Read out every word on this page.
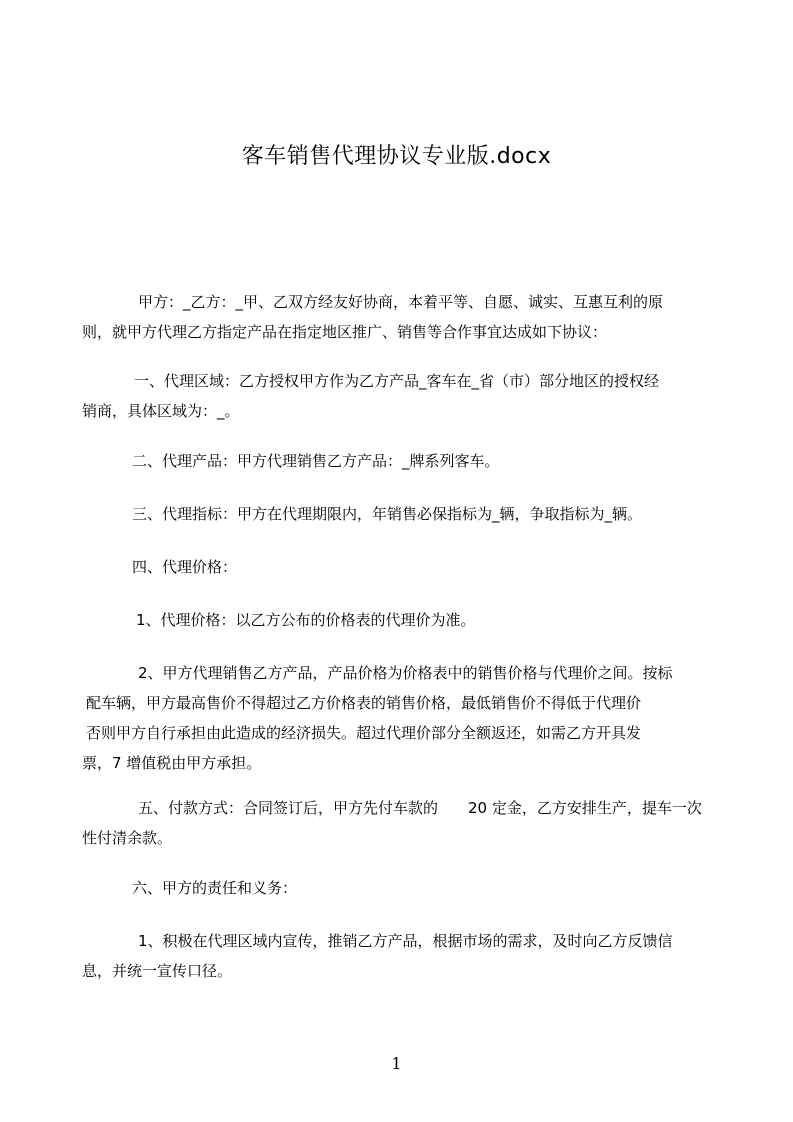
客车销售代理协议专业版.docx
甲方：_乙方：_甲、乙双方经友好协商，本着平等、自愿、诚实、互惠互利的原
则，就甲方代理乙方指定产品在指定地区推广、销售等合作事宜达成如下协议：
一、代理区域：乙方授权甲方作为乙方产品_客车在_省（市）部分地区的授权经
销商，具体区域为：_。
二、代理产品：甲方代理销售乙方产品：_牌系列客车。
三、代理指标：甲方在代理期限内，年销售必保指标为_辆，争取指标为_辆。
四、代理价格：
1、代理价格：以乙方公布的价格表的代理价为准。
2、甲方代理销售乙方产品，产品价格为价格表中的销售价格与代理价之间。按标
配车辆，甲方最高售价不得超过乙方价格表的销售价格，最低销售价不得低于代理价
否则甲方自行承担由此造成的经济损失。超过代理价部分全额返还，如需乙方开具发
票，7 增值税由甲方承担。
五、付款方式：合同签订后，甲方先付车款的　　20 定金，乙方安排生产，提车一次
性付清余款。
六、甲方的责任和义务：
1、积极在代理区域内宣传，推销乙方产品，根据市场的需求，及时向乙方反馈信
息，并统一宣传口径。
1
